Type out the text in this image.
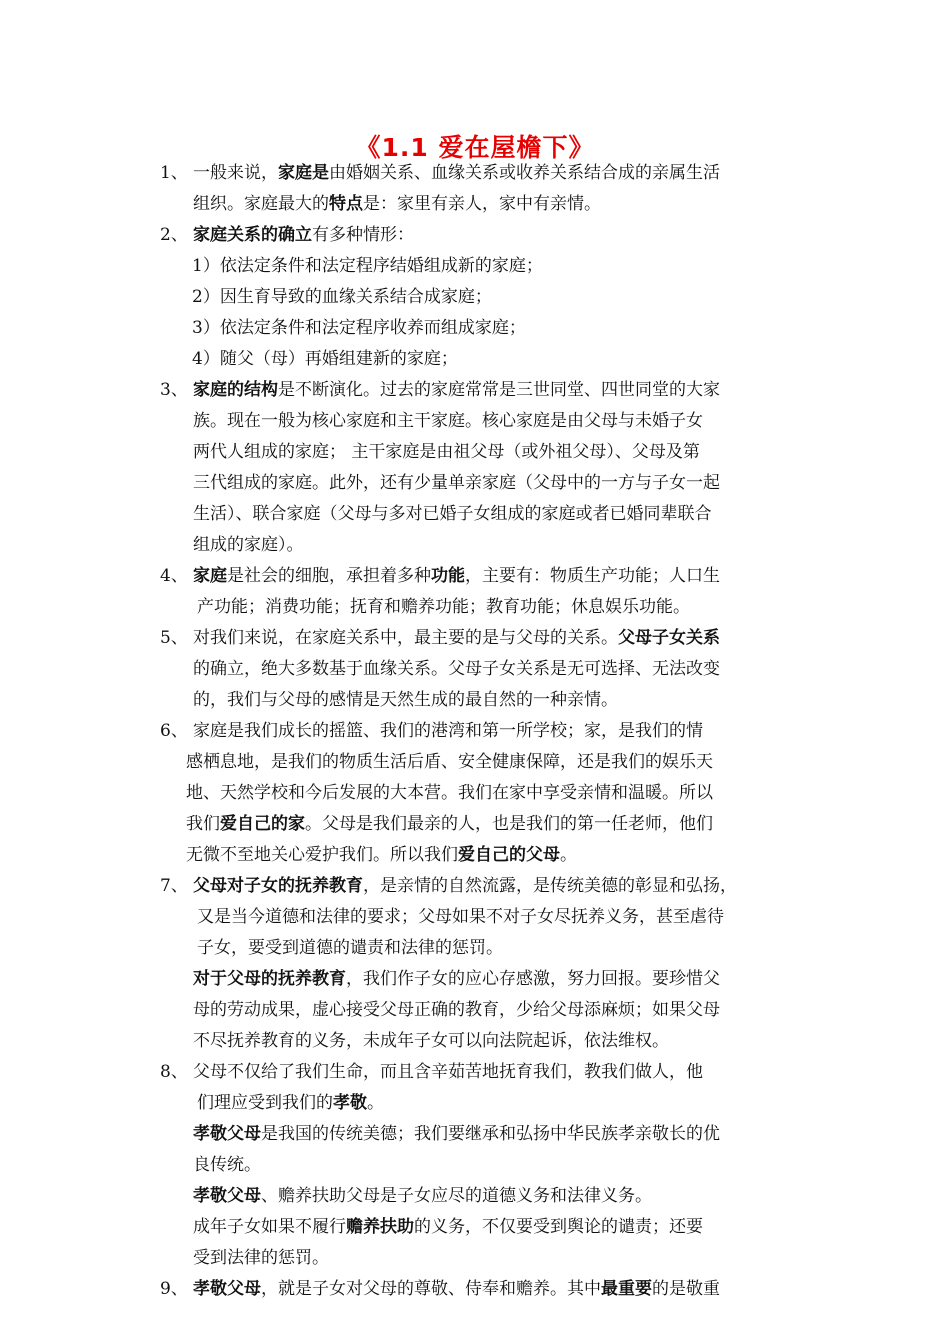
《1.1 爱在屋檐下》
1、 一般来说，家庭是由婚姻关系、血缘关系或收养关系结合成的亲属生活
组织。家庭最大的特点是：家里有亲人，家中有亲情。
2、 家庭关系的确立有多种情形：
1）依法定条件和法定程序结婚组成新的家庭；
2）因生育导致的血缘关系结合成家庭；
3）依法定条件和法定程序收养而组成家庭；
4）随父（母）再婚组建新的家庭；
3、 家庭的结构是不断演化。过去的家庭常常是三世同堂、四世同堂的大家
族。现在一般为核心家庭和主干家庭。核心家庭是由父母与未婚子女
两代人组成的家庭； 主干家庭是由祖父母（或外祖父母）、父母及第
三代组成的家庭。此外，还有少量单亲家庭（父母中的一方与子女一起
生活）、联合家庭（父母与多对已婚子女组成的家庭或者已婚同辈联合
组成的家庭）。
4、 家庭是社会的细胞，承担着多种功能，主要有：物质生产功能；人口生
产功能；消费功能；抚育和赡养功能；教育功能；休息娱乐功能。
5、 对我们来说，在家庭关系中，最主要的是与父母的关系。父母子女关系
的确立，绝大多数基于血缘关系。父母子女关系是无可选择、无法改变
的，我们与父母的感情是天然生成的最自然的一种亲情。
6、 家庭是我们成长的摇篮、我们的港湾和第一所学校；家，是我们的情
感栖息地，是我们的物质生活后盾、安全健康保障，还是我们的娱乐天
地、天然学校和今后发展的大本营。我们在家中享受亲情和温暖。所以
我们爱自己的家。父母是我们最亲的人，也是我们的第一任老师，他们
无微不至地关心爱护我们。所以我们爱自己的父母。
7、 父母对子女的抚养教育，是亲情的自然流露，是传统美德的彰显和弘扬，
又是当今道德和法律的要求；父母如果不对子女尽抚养义务，甚至虐待
子女，要受到道德的谴责和法律的惩罚。
对于父母的抚养教育，我们作子女的应心存感激，努力回报。要珍惜父
母的劳动成果，虚心接受父母正确的教育，少给父母添麻烦；如果父母
不尽抚养教育的义务，未成年子女可以向法院起诉，依法维权。
8、 父母不仅给了我们生命，而且含辛茹苦地抚育我们，教我们做人，他
们理应受到我们的孝敬。
孝敬父母是我国的传统美德；我们要继承和弘扬中华民族孝亲敬长的优
良传统。
孝敬父母、赡养扶助父母是子女应尽的道德义务和法律义务。
成年子女如果不履行赡养扶助的义务，不仅要受到舆论的谴责；还要
受到法律的惩罚。
9、 孝敬父母，就是子女对父母的尊敬、侍奉和赡养。其中最重要的是敬重
